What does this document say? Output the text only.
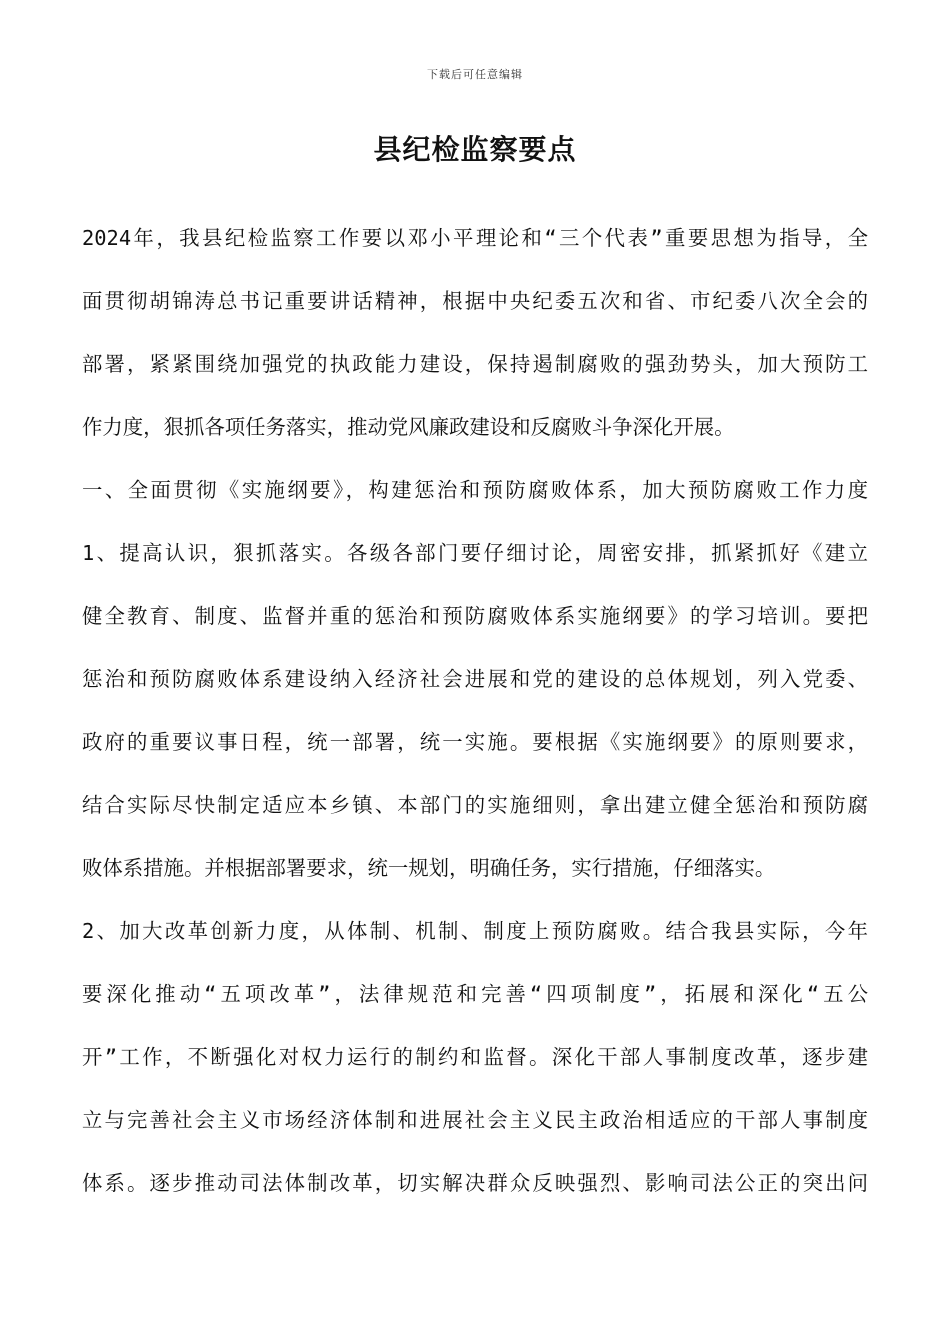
下载后可任意编辑
县纪检监察要点
2024年，我县纪检监察工作要以邓小平理论和“三个代表”重要思想为指导，全
面贯彻胡锦涛总书记重要讲话精神，根据中央纪委五次和省、市纪委八次全会的
部署，紧紧围绕加强党的执政能力建设，保持遏制腐败的强劲势头，加大预防工
作力度，狠抓各项任务落实，推动党风廉政建设和反腐败斗争深化开展。
一、全面贯彻《实施纲要》，构建惩治和预防腐败体系，加大预防腐败工作力度
1、提高认识，狠抓落实。各级各部门要仔细讨论，周密安排，抓紧抓好《建立
健全教育、制度、监督并重的惩治和预防腐败体系实施纲要》的学习培训。要把
惩治和预防腐败体系建设纳入经济社会进展和党的建设的总体规划，列入党委、
政府的重要议事日程，统一部署，统一实施。要根据《实施纲要》的原则要求，
结合实际尽快制定适应本乡镇、本部门的实施细则，拿出建立健全惩治和预防腐
败体系措施。并根据部署要求，统一规划，明确任务，实行措施，仔细落实。
2、加大改革创新力度，从体制、机制、制度上预防腐败。结合我县实际，今年
要深化推动“五项改革”，法律规范和完善“四项制度”，拓展和深化“五公
开”工作，不断强化对权力运行的制约和监督。深化干部人事制度改革，逐步建
立与完善社会主义市场经济体制和进展社会主义民主政治相适应的干部人事制度
体系。逐步推动司法体制改革，切实解决群众反映强烈、影响司法公正的突出问
